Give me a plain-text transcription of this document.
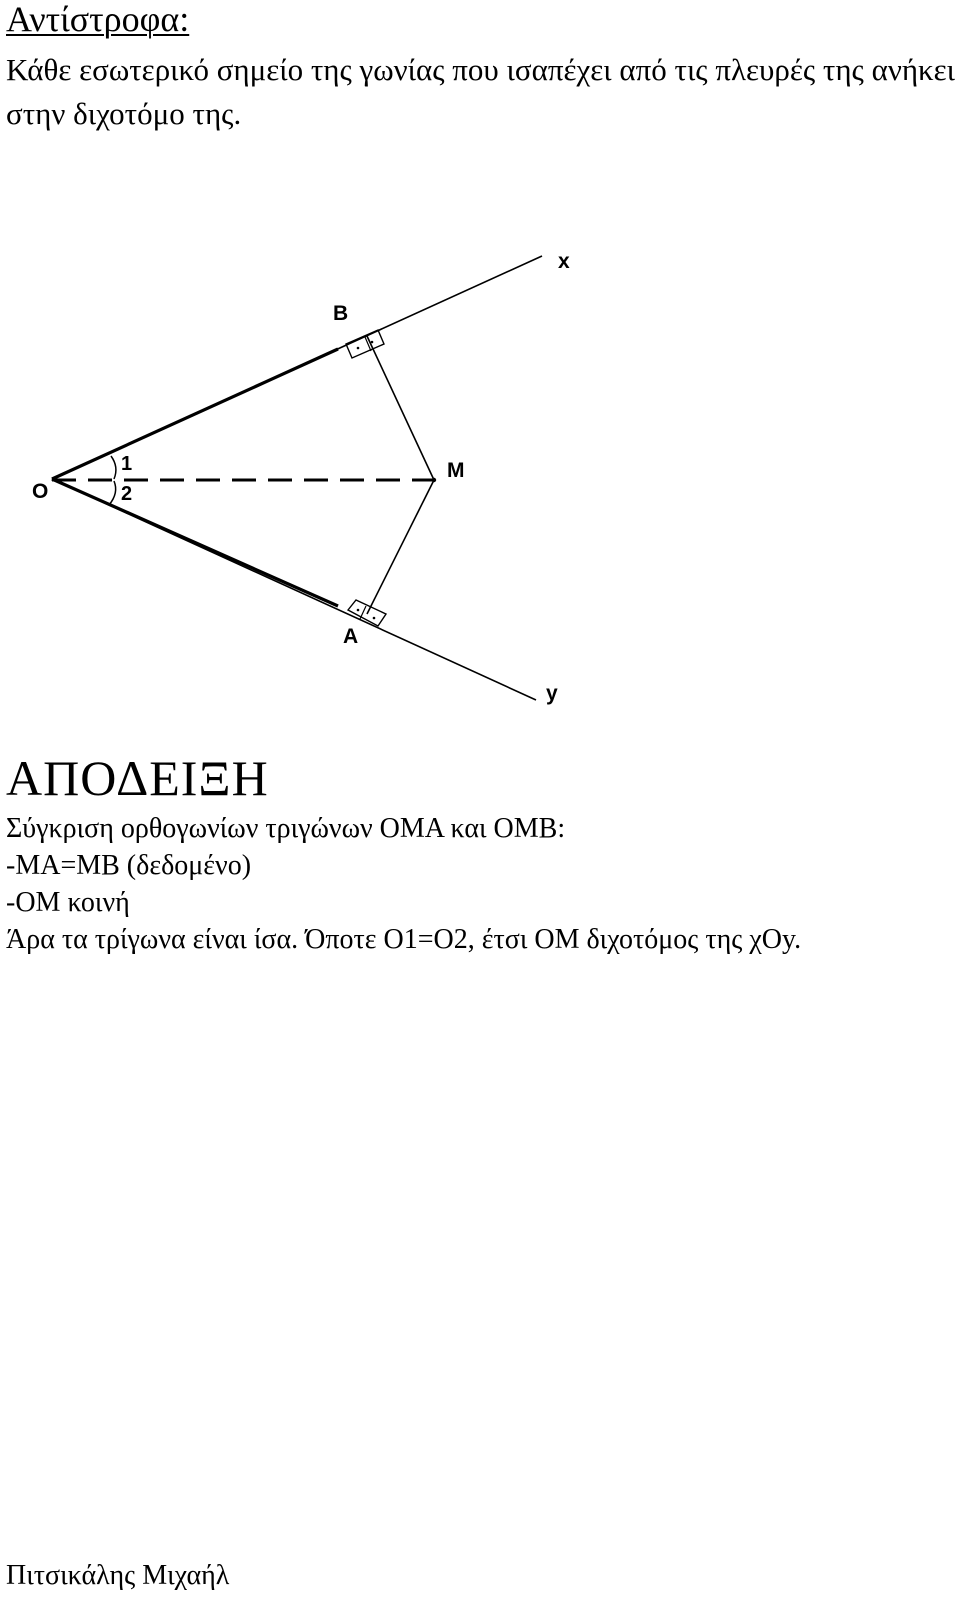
Αντίστροφα:
Κάθε εσωτερικό σημείο της γωνίας που ισαπέχει από τις πλευρές της ανήκει στην διχοτόμο της.
O
x
B
M
1
2
A
y
ΑΠΟΔΕΙΞΗ
Σύγκριση ορθογωνίων τριγώνων ΟΜΑ και ΟΜΒ:
-ΜΑ=ΜΒ (δεδομένο)
-ΟΜ κοινή
Άρα τα τρίγωνα είναι ίσα. Όποτε Ο1=Ο2, έτσι ΟΜ διχοτόμος της χOy.
Πιτσικάλης Μιχαήλ
